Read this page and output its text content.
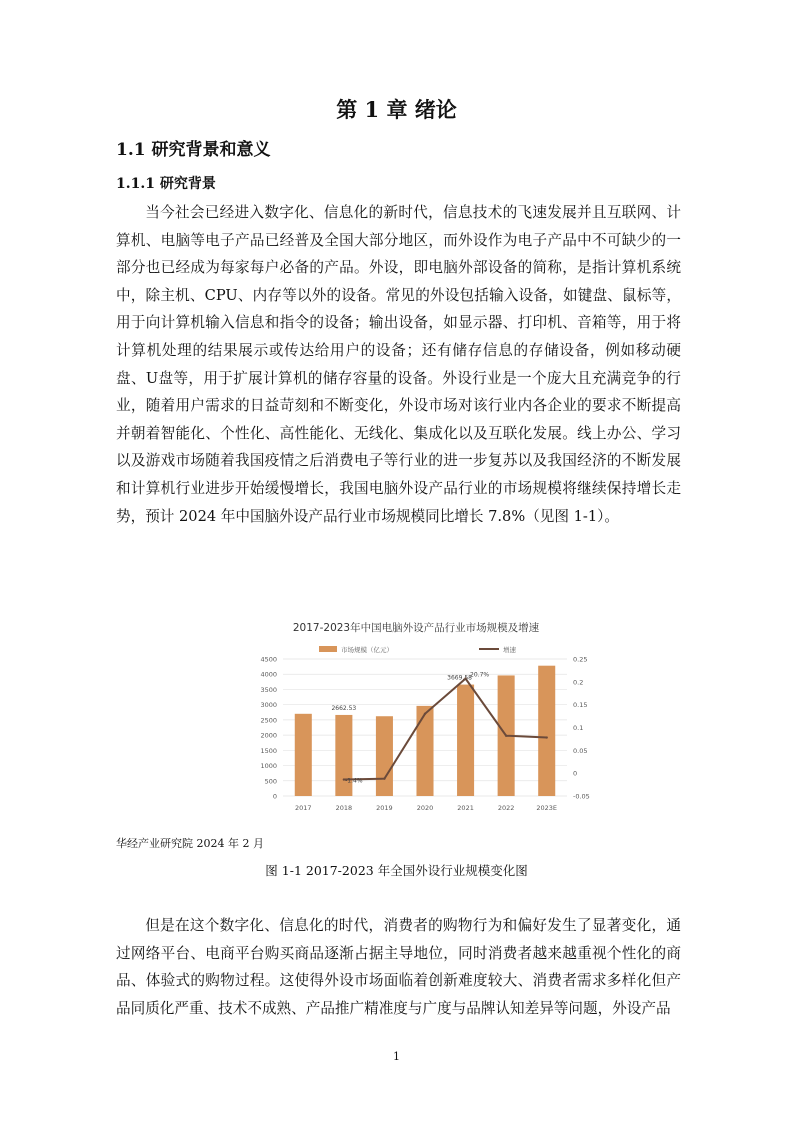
第 1 章 绪论
1.1 研究背景和意义
1.1.1 研究背景

当今社会已经进入数字化、信息化的新时代，信息技术的飞速发展并且互联网、计算机、电脑等电子产品已经普及全国大部分地区，而外设作为电子产品中不可缺少的一部分也已经成为每家每户必备的产品。外设，即电脑外部设备的简称，是指计算机系统中，除主机、CPU、内存等以外的设备。常见的外设包括输入设备，如键盘、鼠标等，用于向计算机输入信息和指令的设备；输出设备，如显示器、打印机、音箱等，用于将计算机处理的结果展示或传达给用户的设备；还有储存信息的存储设备，例如移动硬盘、U盘等，用于扩展计算机的储存容量的设备。外设行业是一个庞大且充满竞争的行业，随着用户需求的日益苛刻和不断变化，外设市场对该行业内各企业的要求不断提高并朝着智能化、个性化、高性能化、无线化、集成化以及互联化发展。线上办公、学习以及游戏市场随着我国疫情之后消费电子等行业的进一步复苏以及我国经济的不断发展和计算机行业进步开始缓慢增长，我国电脑外设产品行业的市场规模将继续保持增长走势，预计 2024 年中国脑外设产品行业市场规模同比增长 7.8%（见图 1-1）。

2017-2023年中国电脑外设产品行业市场规模及增速
市场规模（亿元）	增速
0
500
1000
1500
2000
2500
3000
3500
4000
4500
-0.05
0
0.05
0.1
0.15
0.2
0.25
2017	2018	2019	2020	2021	2022	2023E
2662.53
-1.4%
3669.58
20.7%

华经产业研究院 2024 年 2 月

图 1-1 2017-2023 年全国外设行业规模变化图

但是在这个数字化、信息化的时代，消费者的购物行为和偏好发生了显著变化，通过网络平台、电商平台购买商品逐渐占据主导地位，同时消费者越来越重视个性化的商品、体验式的购物过程。这使得外设市场面临着创新难度较大、消费者需求多样化但产品同质化严重、技术不成熟、产品推广精准度与广度与品牌认知差异等问题，外设产品

1
